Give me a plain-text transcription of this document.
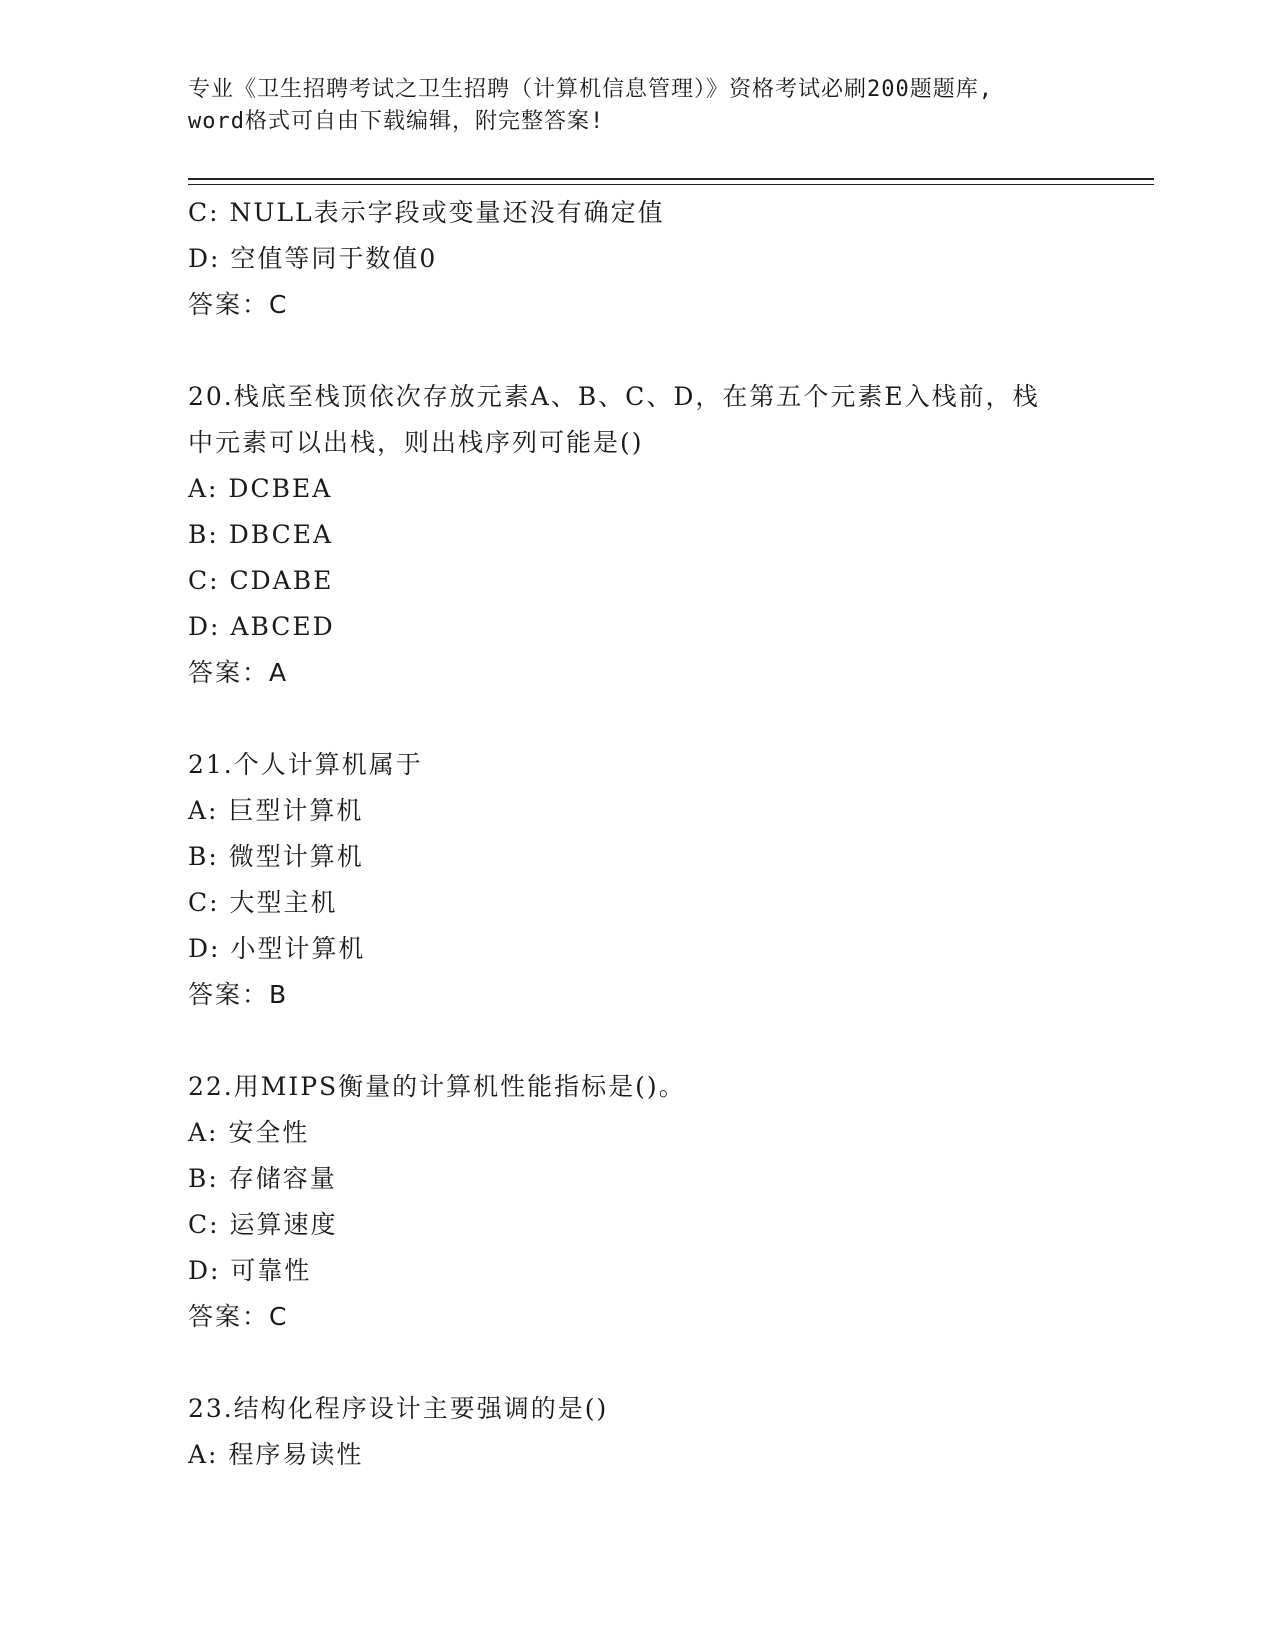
专业《卫生招聘考试之卫生招聘（计算机信息管理）》资格考试必刷200题题库,
word格式可自由下载编辑，附完整答案!
C: NULL表示字段或变量还没有确定值
D: 空值等同于数值0
答案：C
20.栈底至栈顶依次存放元素A、B、C、D，在第五个元素E入栈前，栈
中元素可以出栈，则出栈序列可能是()
A: DCBEA
B: DBCEA
C: CDABE
D: ABCED
答案：A
21.个人计算机属于
A: 巨型计算机
B: 微型计算机
C: 大型主机
D: 小型计算机
答案：B
22.用MIPS衡量的计算机性能指标是()。
A: 安全性
B: 存储容量
C: 运算速度
D: 可靠性
答案：C
23.结构化程序设计主要强调的是()
A: 程序易读性
